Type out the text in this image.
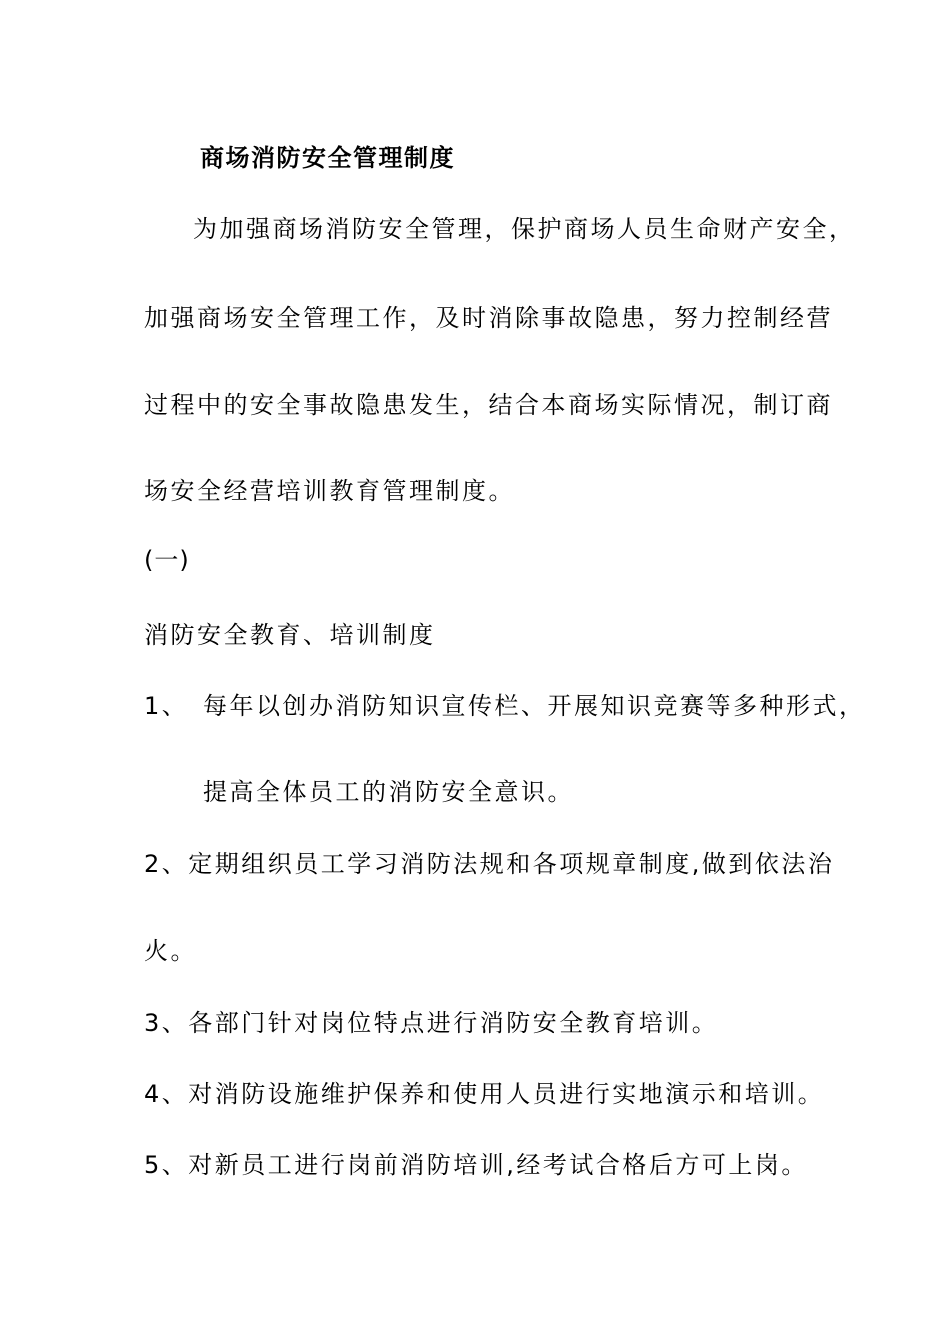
商场消防安全管理制度
为加强商场消防安全管理，保护商场人员生命财产安全，
加强商场安全管理工作，及时消除事故隐患，努力控制经营
过程中的安全事故隐患发生，结合本商场实际情况，制订商
场安全经营培训教育管理制度。
(一)
消防安全教育、培训制度
1、 每年以创办消防知识宣传栏、开展知识竞赛等多种形式，
提高全体员工的消防安全意识。
2、定期组织员工学习消防法规和各项规章制度,做到依法治
火。
3、各部门针对岗位特点进行消防安全教育培训。
4、对消防设施维护保养和使用人员进行实地演示和培训。
5、对新员工进行岗前消防培训,经考试合格后方可上岗。
